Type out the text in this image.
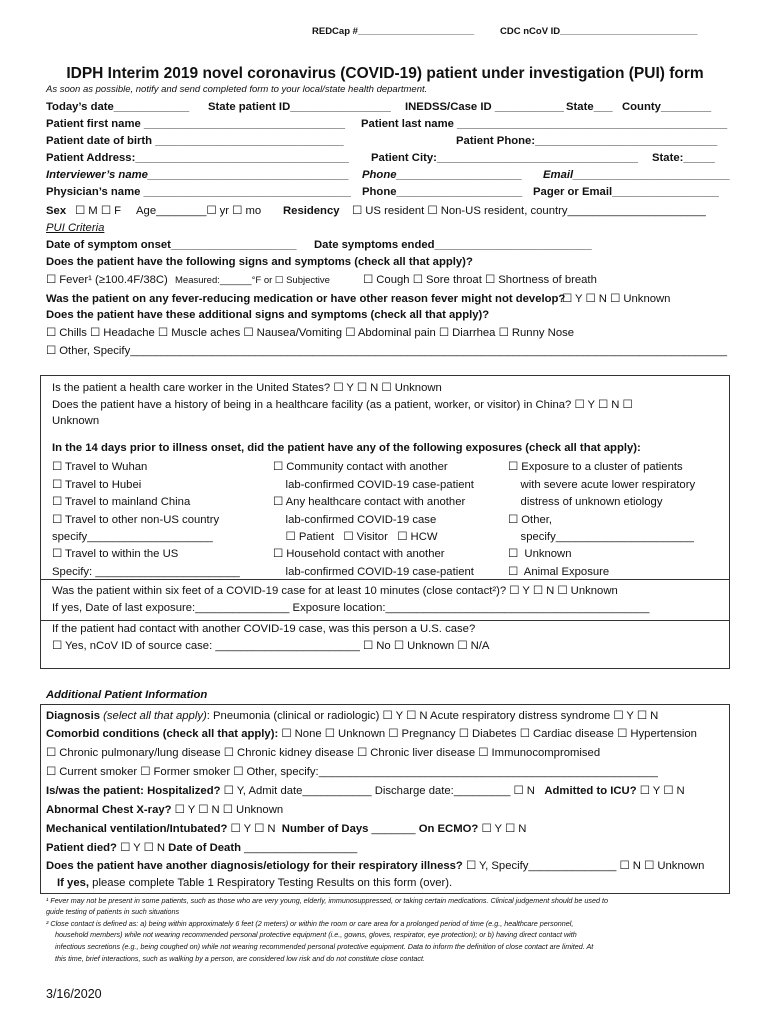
REDCap #______________________	CDC nCoV ID__________________________
IDPH Interim 2019 novel coronavirus (COVID-19) patient under investigation (PUI) form
As soon as possible, notify and send completed form to your local/state health department.
Today’s date____________ State patient ID________________ INEDSS/Case ID ___________ State___ County________
Patient first name ________________________________ Patient last name ___________________________________________
Patient date of birth ______________________________	Patient Phone:_____________________________
Patient Address:__________________________________ Patient City:________________________________ State:_____
Interviewer’s name________________________________ Phone____________________ Email_________________________
Physician’s name _________________________________ Phone____________________ Pager or Email_________________
Sex ☐ M ☐ F Age________☐ yr ☐ mo Residency ☐ US resident ☐ Non-US resident, country______________________
PUI Criteria
Date of symptom onset____________________ Date symptoms ended_________________________
Does the patient have the following signs and symptoms (check all that apply)?
☐ Fever¹ (≥100.4F/38C) Measured:______°F or ☐ Subjective	☐ Cough ☐ Sore throat ☐ Shortness of breath
Was the patient on any fever-reducing medication or have other reason fever might not develop?
☐ Y ☐ N ☐ Unknown
Does the patient have these additional signs and symptoms (check all that apply)?
☐ Chills ☐ Headache ☐ Muscle aches ☐ Nausea/Vomiting ☐ Abdominal pain ☐ Diarrhea ☐ Runny Nose
☐ Other, Specify_______________________________________________________________________________________________
Is the patient a health care worker in the United States? ☐ Y ☐ N ☐ Unknown
Does the patient have a history of being in a healthcare facility (as a patient, worker, or visitor) in China? ☐ Y ☐ N ☐
Unknown
In the 14 days prior to illness onset, did the patient have any of the following exposures (check all that apply):
☐ Travel to Wuhan
☐ Travel to Hubei
☐ Travel to mainland China
☐ Travel to other non-US country
specify____________________
☐ Travel to within the US
Specify: _______________________
☐ Community contact with another
lab-confirmed COVID-19 case-patient
☐ Any healthcare contact with another
lab-confirmed COVID-19 case
☐ Patient   ☐ Visitor   ☐ HCW
☐ Household contact with another
lab-confirmed COVID-19 case-patient
☐ Exposure to a cluster of patients
with severe acute lower respiratory
distress of unknown etiology
☐ Other,
specify______________________
☐  Unknown
☐  Animal Exposure
Was the patient within six feet of a COVID-19 case for at least 10 minutes (close contact²)? ☐ Y ☐ N ☐ Unknown
If yes, Date of last exposure:_______________ Exposure location:__________________________________________
If the patient had contact with another COVID-19 case, was this person a U.S. case?
☐ Yes, nCoV ID of source case: _______________________ ☐ No ☐ Unknown ☐ N/A
Additional Patient Information
Diagnosis (select all that apply): Pneumonia (clinical or radiologic) ☐ Y ☐ N Acute respiratory distress syndrome ☐ Y ☐ N
Comorbid conditions (check all that apply): ☐ None ☐ Unknown ☐ Pregnancy ☐ Diabetes ☐ Cardiac disease ☐ Hypertension
☐ Chronic pulmonary/lung disease ☐ Chronic kidney disease ☐ Chronic liver disease ☐ Immunocompromised
☐ Current smoker ☐ Former smoker ☐ Other, specify:______________________________________________________
Is/was the patient: Hospitalized? ☐ Y, Admit date___________ Discharge date:_________ ☐ N Admitted to ICU? ☐ Y ☐ N
Abnormal Chest X-ray? ☐ Y ☐ N ☐ Unknown
Mechanical ventilation/Intubated? ☐ Y ☐ N  Number of Days _______ On ECMO? ☐ Y ☐ N
Patient died? ☐ Y ☐ N Date of Death __________________
Does the patient have another diagnosis/etiology for their respiratory illness? ☐ Y, Specify______________ ☐ N ☐ Unknown
If yes, please complete Table 1 Respiratory Testing Results on this form (over).
¹ Fever may not be present in some patients, such as those who are very young, elderly, immunosuppressed, or taking certain medications. Clinical judgement should be used to
guide testing of patients in such situations
² Close contact is defined as: a) being within approximately 6 feet (2 meters) or within the room or care area for a prolonged period of time (e.g., healthcare personnel,
household members) while not wearing recommended personal protective equipment (i.e., gowns, gloves, respirator, eye protection); or b) having direct contact with
infectious secretions (e.g., being coughed on) while not wearing recommended personal protective equipment. Data to inform the definition of close contact are limited. At
this time, brief interactions, such as walking by a person, are considered low risk and do not constitute close contact.
3/16/2020
